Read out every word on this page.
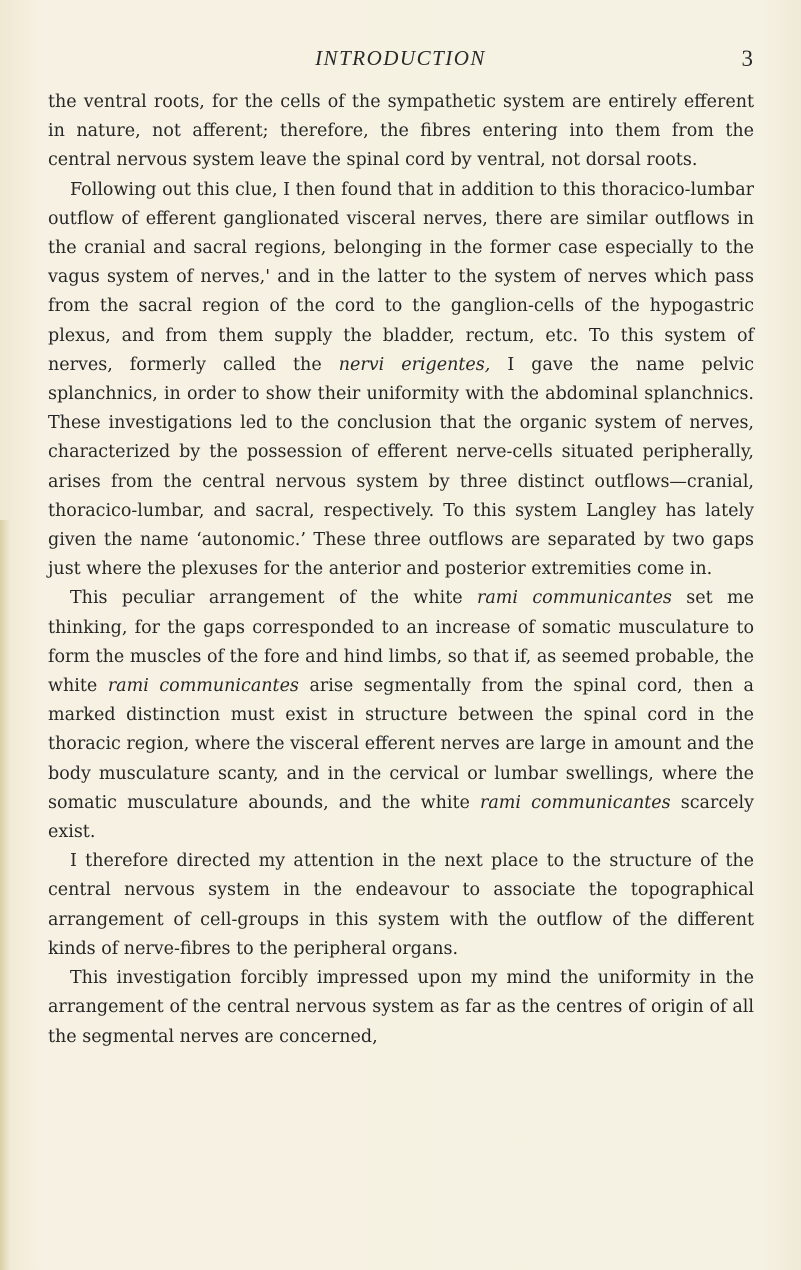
INTRODUCTION	3

the ventral roots, for the cells of the sympathetic system are entirely efferent in nature, not afferent; therefore, the fibres entering into them from the central nervous system leave the spinal cord by ventral, not dorsal roots.

Following out this clue, I then found that in addition to this thoracico-lumbar outflow of efferent ganglionated visceral nerves, there are similar outflows in the cranial and sacral regions, belonging in the former case especially to the vagus system of nerves,' and in the latter to the system of nerves which pass from the sacral region of the cord to the ganglion-cells of the hypogastric plexus, and from them supply the bladder, rectum, etc. To this system of nerves, formerly called the nervi erigentes, I gave the name pelvic splanchnics, in order to show their uniformity with the abdominal splanchnics. These investigations led to the conclusion that the organic system of nerves, characterized by the possession of efferent nerve-cells situated peripherally, arises from the central nervous system by three distinct outflows—cranial, thoracico-lumbar, and sacral, respectively. To this system Langley has lately given the name ‘autonomic.’ These three outflows are separated by two gaps just where the plexuses for the anterior and posterior extremities come in.

This peculiar arrangement of the white rami communicantes set me thinking, for the gaps corresponded to an increase of somatic musculature to form the muscles of the fore and hind limbs, so that if, as seemed probable, the white rami communicantes arise segmentally from the spinal cord, then a marked distinction must exist in structure between the spinal cord in the thoracic region, where the visceral efferent nerves are large in amount and the body musculature scanty, and in the cervical or lumbar swellings, where the somatic musculature abounds, and the white rami communicantes scarcely exist.

I therefore directed my attention in the next place to the structure of the central nervous system in the endeavour to associate the topographical arrangement of cell-groups in this system with the outflow of the different kinds of nerve-fibres to the peripheral organs.

This investigation forcibly impressed upon my mind the uniformity in the arrangement of the central nervous system as far as the centres of origin of all the segmental nerves are concerned,
